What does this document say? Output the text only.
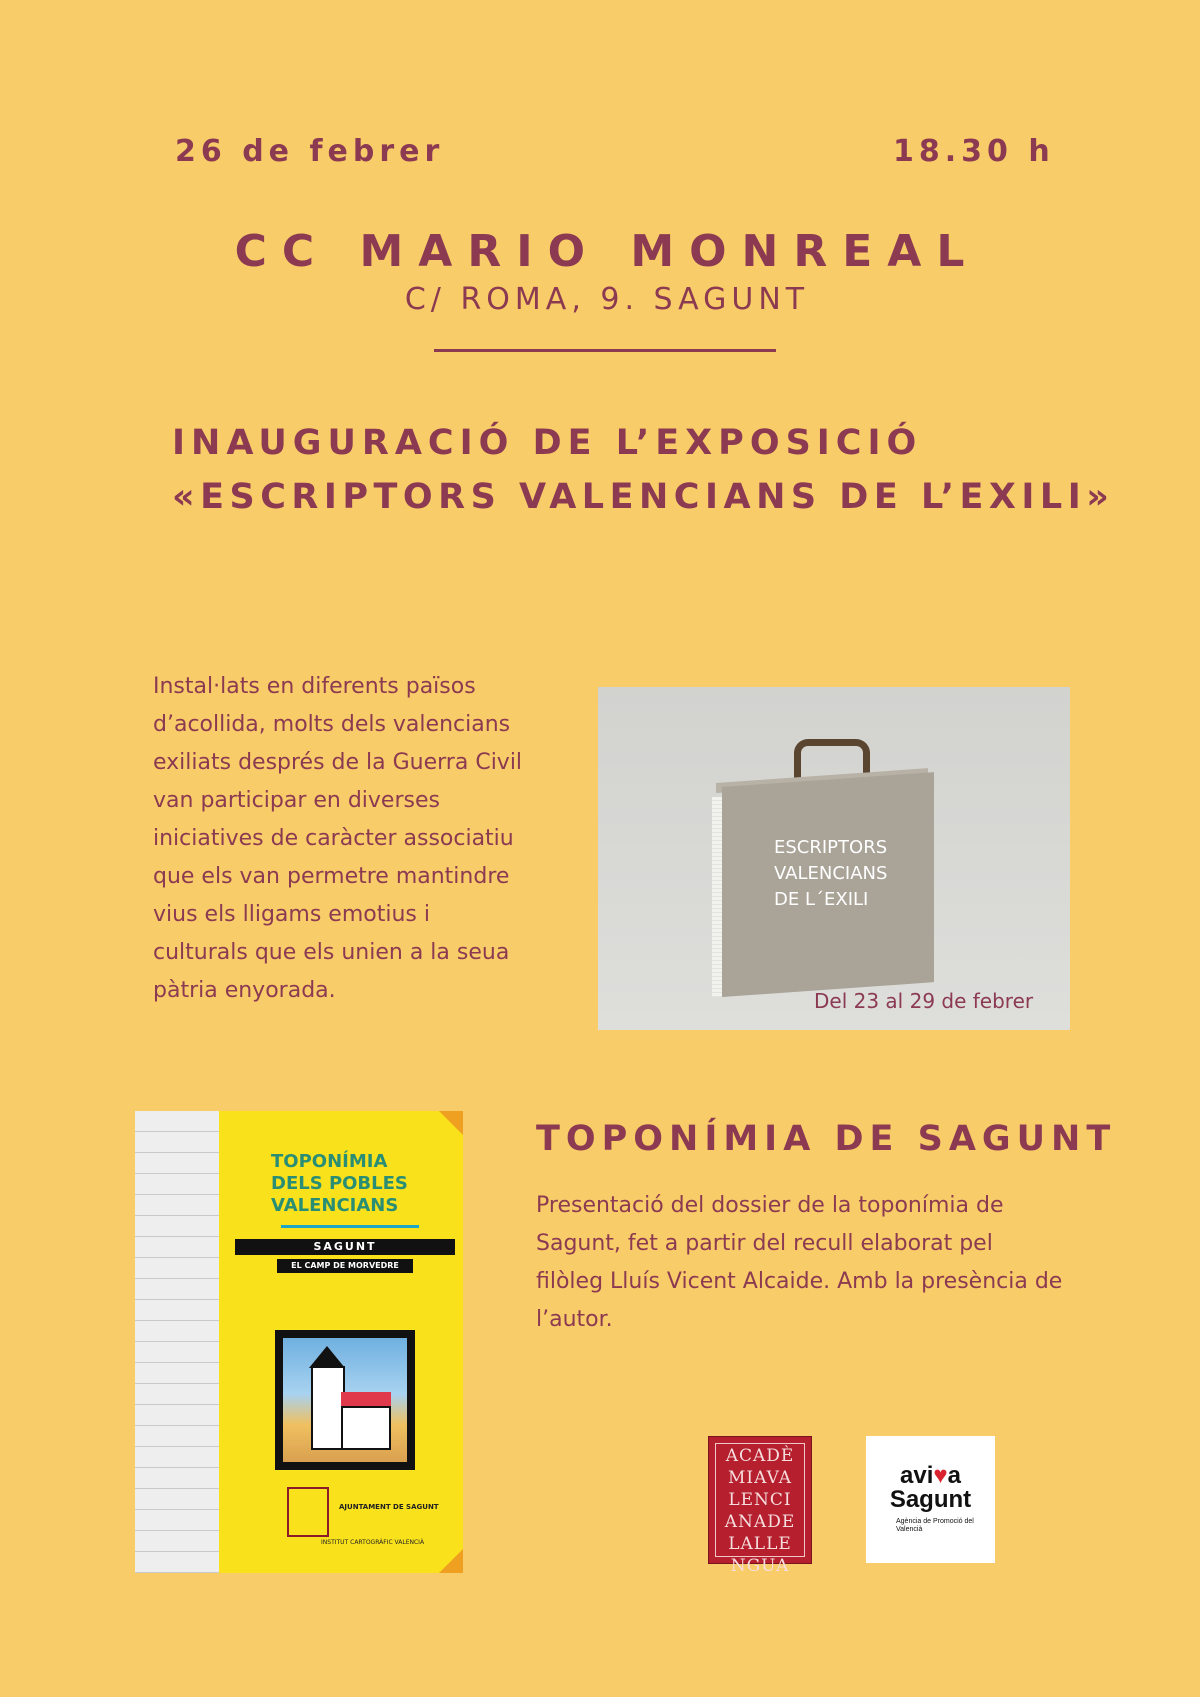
26 de febrer	18.30 h
CC MARIO MONREAL
C/ ROMA, 9. SAGUNT
INAUGURACIÓ DE L’EXPOSICIÓ
«ESCRIPTORS VALENCIANS DE L’EXILI»
Instal·lats en diferents països d’acollida, molts dels valencians exiliats després de la Guerra Civil van participar en diverses iniciatives de caràcter associatiu que els van permetre mantindre vius els lligams emotius i culturals que els unien a la seua pàtria enyorada.
ESCRIPTORS
VALENCIANS
DE L´EXILI
Del 23 al 29 de febrer
TOPONÍMIA
DELS POBLES
VALENCIANS
SAGUNT
EL CAMP DE MORVEDRE
AJUNTAMENT DE SAGUNT
INSTITUT CARTOGRÀFIC VALENCIÀ
TOPONÍMIA DE SAGUNT
Presentació del dossier de la toponímia de Sagunt, fet a partir del recull elaborat pel filòleg Lluís Vicent Alcaide. Amb la presència de l’autor.
ACADÈ
MIAVA
LENCI
ANADE
LALLE
NGUA
avi♥a
Sagunt
Agència de Promoció del Valencià
